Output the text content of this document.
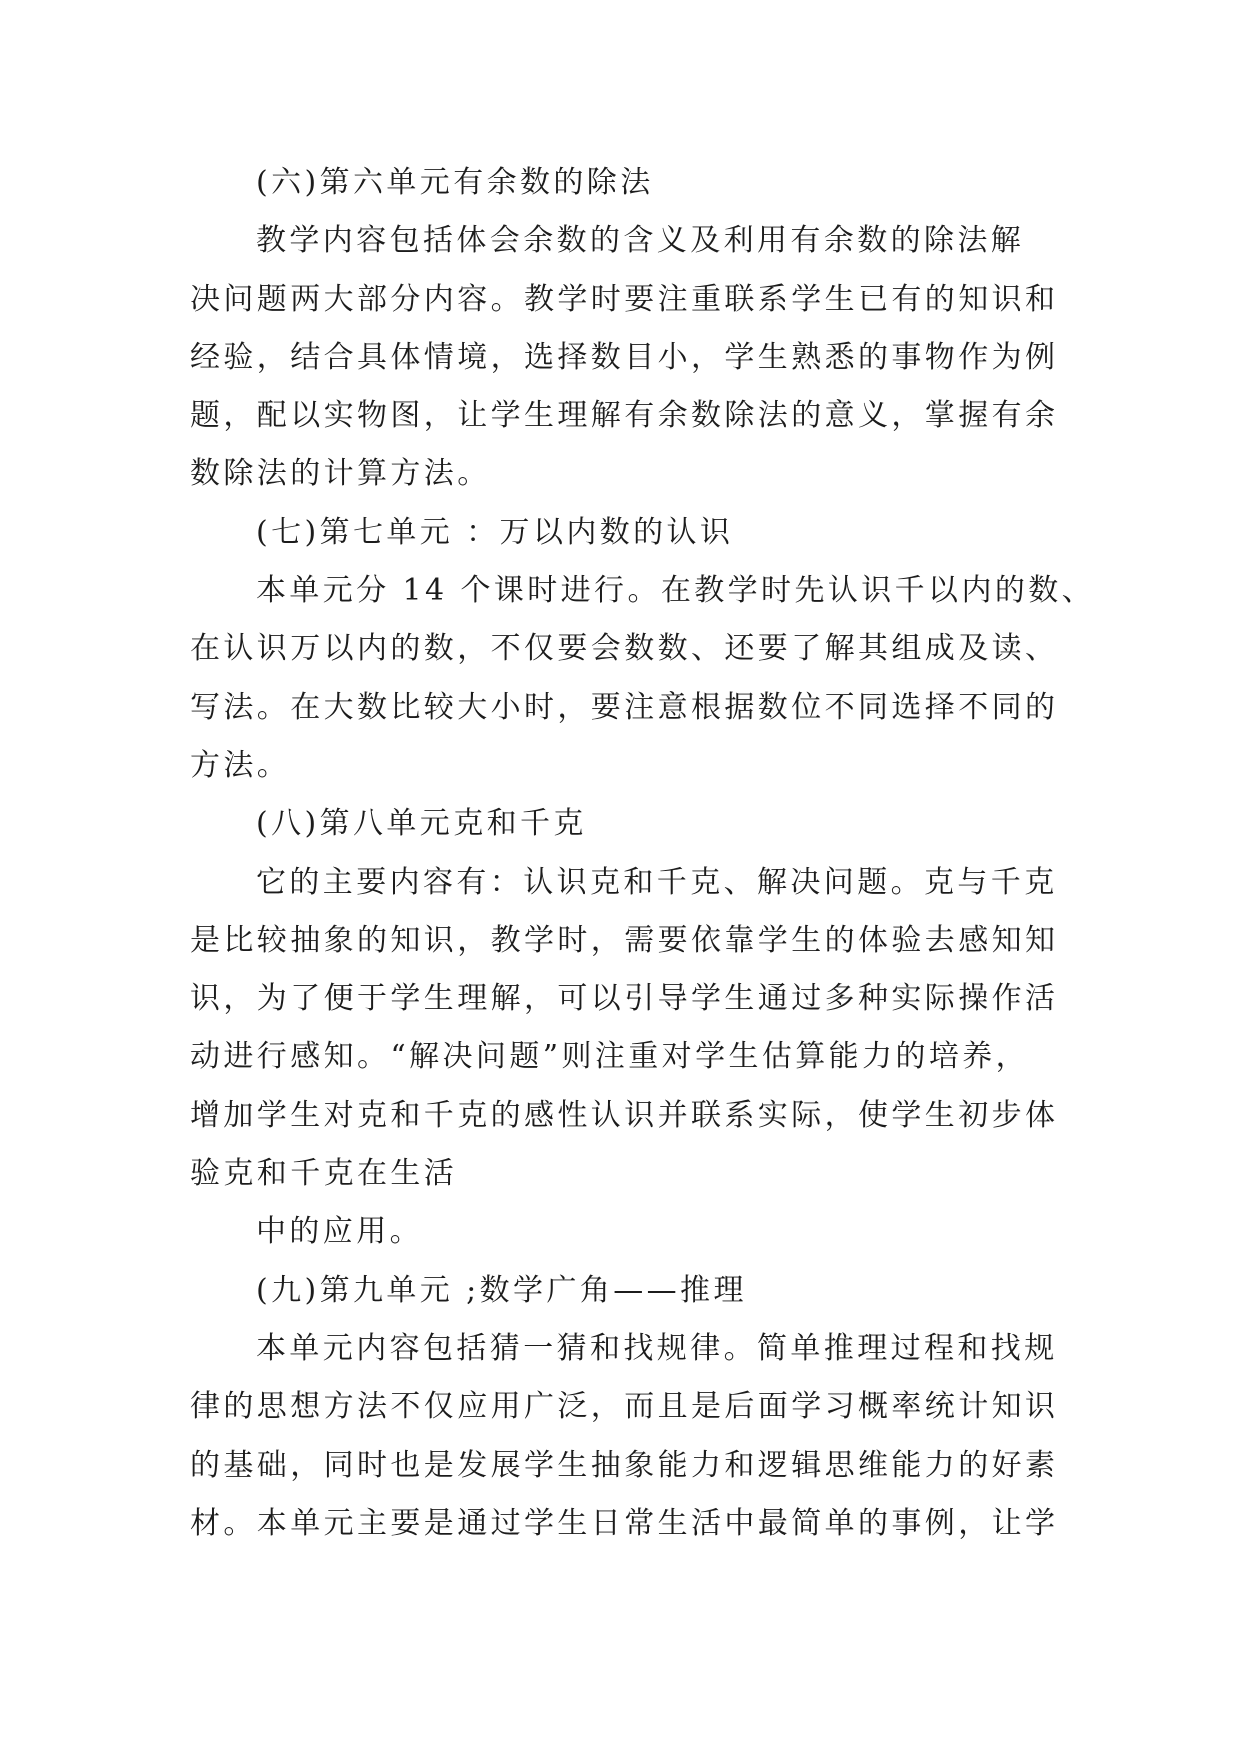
(六)第六单元有余数的除法
教学内容包括体会余数的含义及利用有余数的除法解
决问题两大部分内容。教学时要注重联系学生已有的知识和
经验，结合具体情境，选择数目小，学生熟悉的事物作为例
题，配以实物图，让学生理解有余数除法的意义，掌握有余
数除法的计算方法。
(七)第七单元 ：万以内数的认识
本单元分 14 个课时进行。在教学时先认识千以内的数、
在认识万以内的数，不仅要会数数、还要了解其组成及读、
写法。在大数比较大小时，要注意根据数位不同选择不同的
方法。
(八)第八单元克和千克
它的主要内容有：认识克和千克、解决问题。克与千克
是比较抽象的知识，教学时，需要依靠学生的体验去感知知
识，为了便于学生理解，可以引导学生通过多种实际操作活
动进行感知。“解决问题”则注重对学生估算能力的培养，
增加学生对克和千克的感性认识并联系实际，使学生初步体
验克和千克在生活
中的应用。
(九)第九单元 ;数学广角——推理
本单元内容包括猜一猜和找规律。简单推理过程和找规
律的思想方法不仅应用广泛，而且是后面学习概率统计知识
的基础，同时也是发展学生抽象能力和逻辑思维能力的好素
材。本单元主要是通过学生日常生活中最简单的事例，让学
